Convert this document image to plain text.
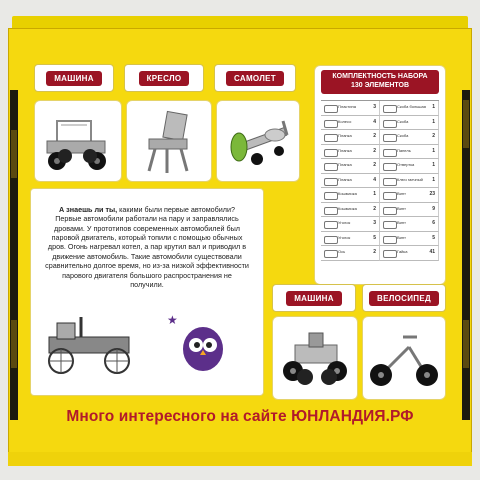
МАШИНА	КРЕСЛО	САМОЛЕТ	КОМПЛЕКТНОСТЬ НАБОРА
130 ЭЛЕМЕНТОВ
Пластина	3	Скоба большая 1
Колесо	4	Скоба	1
Планка	2	Скоба	2
Планка	2	Панель	1
Планка	2	Отвертка	1
Планка	4	Ключ гаечный 1
Кошмачка	1	Винт	23
Кошмачка	2	Винт	9
Уголок	3	Винт	6
Уголок	5	Винт	5
Ось	2	Гайка	41
А знаешь ли ты, какими были первые автомобили? Первые автомобили работали на пару и заправлялись дровами. У прототипов современных автомобилей был паровой двигатель, который топили с помощью обычных дров. Огонь нагревал котел, а пар крутил вал и приводил в движение автомобиль. Такие автомобили существовали сравнительно долгое время, но из-за низкой эффективности парового двигателя большого распространения не получили.
★
МАШИНА	ВЕЛОСИПЕД
Много интересного на сайте ЮНЛАНДИЯ.РФ
